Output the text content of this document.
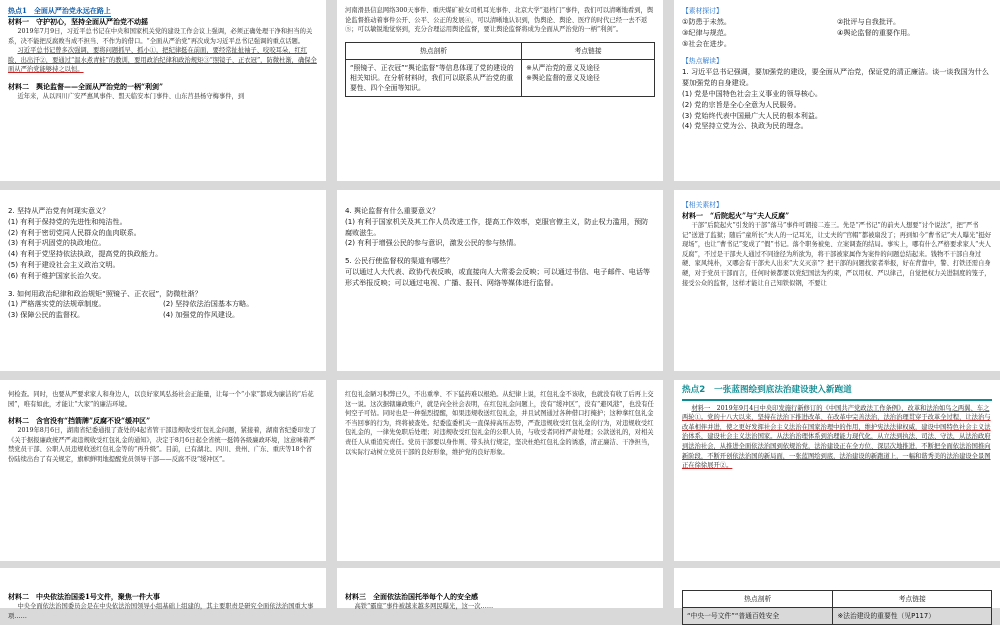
热点1　全面从严治党永远在路上
材料一　守护初心，坚持全面从严治党不动摇

2019年7月9日，习近平总书记在中央和国家机关党的建设工作会议上强调，必须正确处理干净和担当的关系，决不能把反腐败当成不担当、不作为的借口。“全面从严治党”再次成为习近平总书记强调的重点话题。

习近平总书记曾多次强调，要将问题抓早、抓小①，把纪律挺在前面，要经常扯扯袖子、咬咬耳朵，红红脸、出出汗②，要通过“温水煮青蛙”的教训，要用政治纪律和政治规矩③“照镜子、正衣冠”，防微杜渐，确保全面从严治党能够持之以恒。

材料二　舆论监督——全面从严治党的一柄“利剑”

近年来，从以四川广安严惠风事件、盟天临安本门事件、山东莒县杨守梅事件，到

河南滑县信息网络300天事件、重庆煤矿被女司机耳光事件、北京大学“退档门”事件，我们可以清晰地看到，舆论监督推动着事件公开、公平、公正的发展④，可以清晰地认识到，伪舆论、舆论、医疗的时代已经一去不返⑤；可以敏锐地觉察到，充分合理运用舆论监督，要让舆论监督将成为全面从严治党的一柄“利剑”。

热点剖析	考点链接
“照镜子、正衣冠”“舆论监督”等信息体现了党的建设的相关知识。在分析材料时，我们可以联系从严治党的重要性、四个全面等知识。	※从严治党的意义及途径
※舆论监督的意义及途径
【素材探讨】
①防患于未然。	②批评与自我批评。
③纪律与规范。	④舆论监督的重要作用。
⑤社会在进步。
【热点解读】
1. 习近平总书记强调，要加强党的建设，要全面从严治党，保证党的清正廉洁。谈一谈我国为什么要加强党的自身建设。
(1) 党是中国特色社会主义事业的领导核心。
(2) 党的宗旨是全心全意为人民服务。
(3) 党始终代表中国最广大人民的根本利益。
(4) 党坚持立党为公、执政为民的理念。
2. 坚持从严治党有何现实意义？
(1) 有利于保持党的先进性和纯洁性。
(2) 有利于密切党同人民群众的血肉联系。
(3) 有利于巩固党的执政地位。
(4) 有利于党坚持依法执政，提高党的执政能力。
(5) 有利于建设社会主义政治文明。
(6) 有利于维护国家长治久安。
3. 如何用政治纪律和政治规矩“照镜子、正衣冠”，防微杜渐？
(1) 严格落实党的法规章制度。	(2) 坚持依法治国基本方略。
(3) 保障公民的监督权。	(4) 加强党的作风建设。
4. 舆论监督有什么重要意义？
(1) 有利于国家机关及其工作人员改进工作，提高工作效率，克服官僚主义，防止权力滥用，预防腐败滋生。
(2) 有利于增强公民的参与意识，激发公民的参与热情。
5. 公民行使监督权的渠道有哪些？
可以通过人大代表、政协代表反映，或直接向人大常委会反映；可以通过书信、电子邮件、电话等形式举报反映；可以通过电视、广播、报刊、网络等媒体进行监督。
【相关素材】
材料一　“后院起火”与“夫人反腐”

干部“后院起火”引发的干部“落马”事件可谓接二连三。先是“严书记”的前夫人想要“讨个说法”，把“严书记”送进了监狱；随后“童所长”夫人的一记耳光，让丈夫的“官帽”都被扇没了；再到如今“曹书记”夫人曝光“挺好现场”，也让“曹书记”变成了“假”书记。落个职务被免、立案调查的结局。事实上，哪有什么严格要求家人“夫人反腐”，不过是干部夫人通过不同途径为所欲为，将干部被家属作为案件的问题总结起来。钱物不干部自身过硬、家风纯朴，又哪会有干部夫人出来“大义灭亲”？把干部的问题找家者举报，好在背靠中，警、打铁还需自身硬，对于党员干部而言，任何时候都要以党纪国法为约束，严以用权、严以律己，自觉把权力关进制度的笼子，接受公众的监督，这样才能让自己知铁似钢，不要让

何检查。同时，也要从严要求家人和身边人，以良好家风弘扬社会正能量，让每一个“小家”都成为廉洁的“后花园”，唯有如此，才能让“大家”的廉洁环境。

材料二　含官没有“挡箭牌”反腐不设“缓冲区”

2019年8月6日，湖南省纪委通报了查处的4起省管干部违规收受红包礼金问题，紧接着，湖南省纪委印发了《关于据报廉政统严严肃违规收受红包礼金的通知》，决定于8月6日起全省统一挺铸各级廉政环境，这意味着严禁党员干部、公职人员违规收送红包礼金等的“再升级”。目前，已有湖北、四川、贵州、广东、重庆等18个省份陆续出台了有关规定，旗帜鲜明地提醒党员领导干部——反腐不设“缓冲区”。

红包礼金陋习积弊已久，不出重拳、不下猛药难以根绝。从纪律上说，红包礼金不该收，也就没有收了后再上交这一说。这次据辖廉政账户，就是向全社会表明，在红包礼金问题上，没有“缓冲区”，没有“避风港”，也没有任何空子可钻。同时也是一种强烈提醒，如果违规收送红包礼金，并且试图通过各种借口打掩护；这种拿红包礼金不当回事的行为，终将被查处。纪委监委机关一直保持高压态势，严查违规收受红包礼金的行为，对违规收受红包礼金的，一律先免职后处理；对违规收受红包礼金的公职人员，与收受者同样严肃处理；公款送礼的，对相关责任人从重追究责任。党员干部要以身作则、带头执行规定，坚决杜绝红包礼金的诱惑，清正廉洁、干净担当，以实际行动树立党员干部的良好形象，维护党的良好形象。

热点2 一张蓝图绘到底法治建设驶入新跑道

材料一　2019年9月4日中央印发施行新修订的《中国共产党政法工作条例》，改革和法治如鸟之两翼、车之两轮①。党的十八大以来，坚持在法治下推进改革、在改革中完善法治，法治治理贯穿于改革全过程，让法治与改革相伴并进，使之更好发挥社会主义法治在国家治理中的作用，维护宪法法律权威，建设中国特色社会主义法治体系，建设社会主义法治国家。从法治治理体系到治理能力现代化，从立法到执法、司法、守法，从法治政府到法治社会，从推进全面依法治国到依规治党，法治建设正在全方位、深层次地推进，不断把全面依法治国推向新阶段，不断开创依法治国的新局面，一张蓝图绘到底，法治建设的新跑道上，一幅和谐秀美的法治建设全景图正在徐徐展开②。

材料二　中央依法治国委1号文件，聚焦一件大事

中央全面依法治国委员会是在中央依法治国领导小组基础上组建的，其主要职责是研究全面依法治国重大事项……

材料三　全面依法治国托举每个人的安全感

高铁“霸座”事件被越来越多网民曝光，这一次……

热点剖析	考点链接
“中央一号文件”“普通百姓安全	※法治建设的重要性（见P117）
